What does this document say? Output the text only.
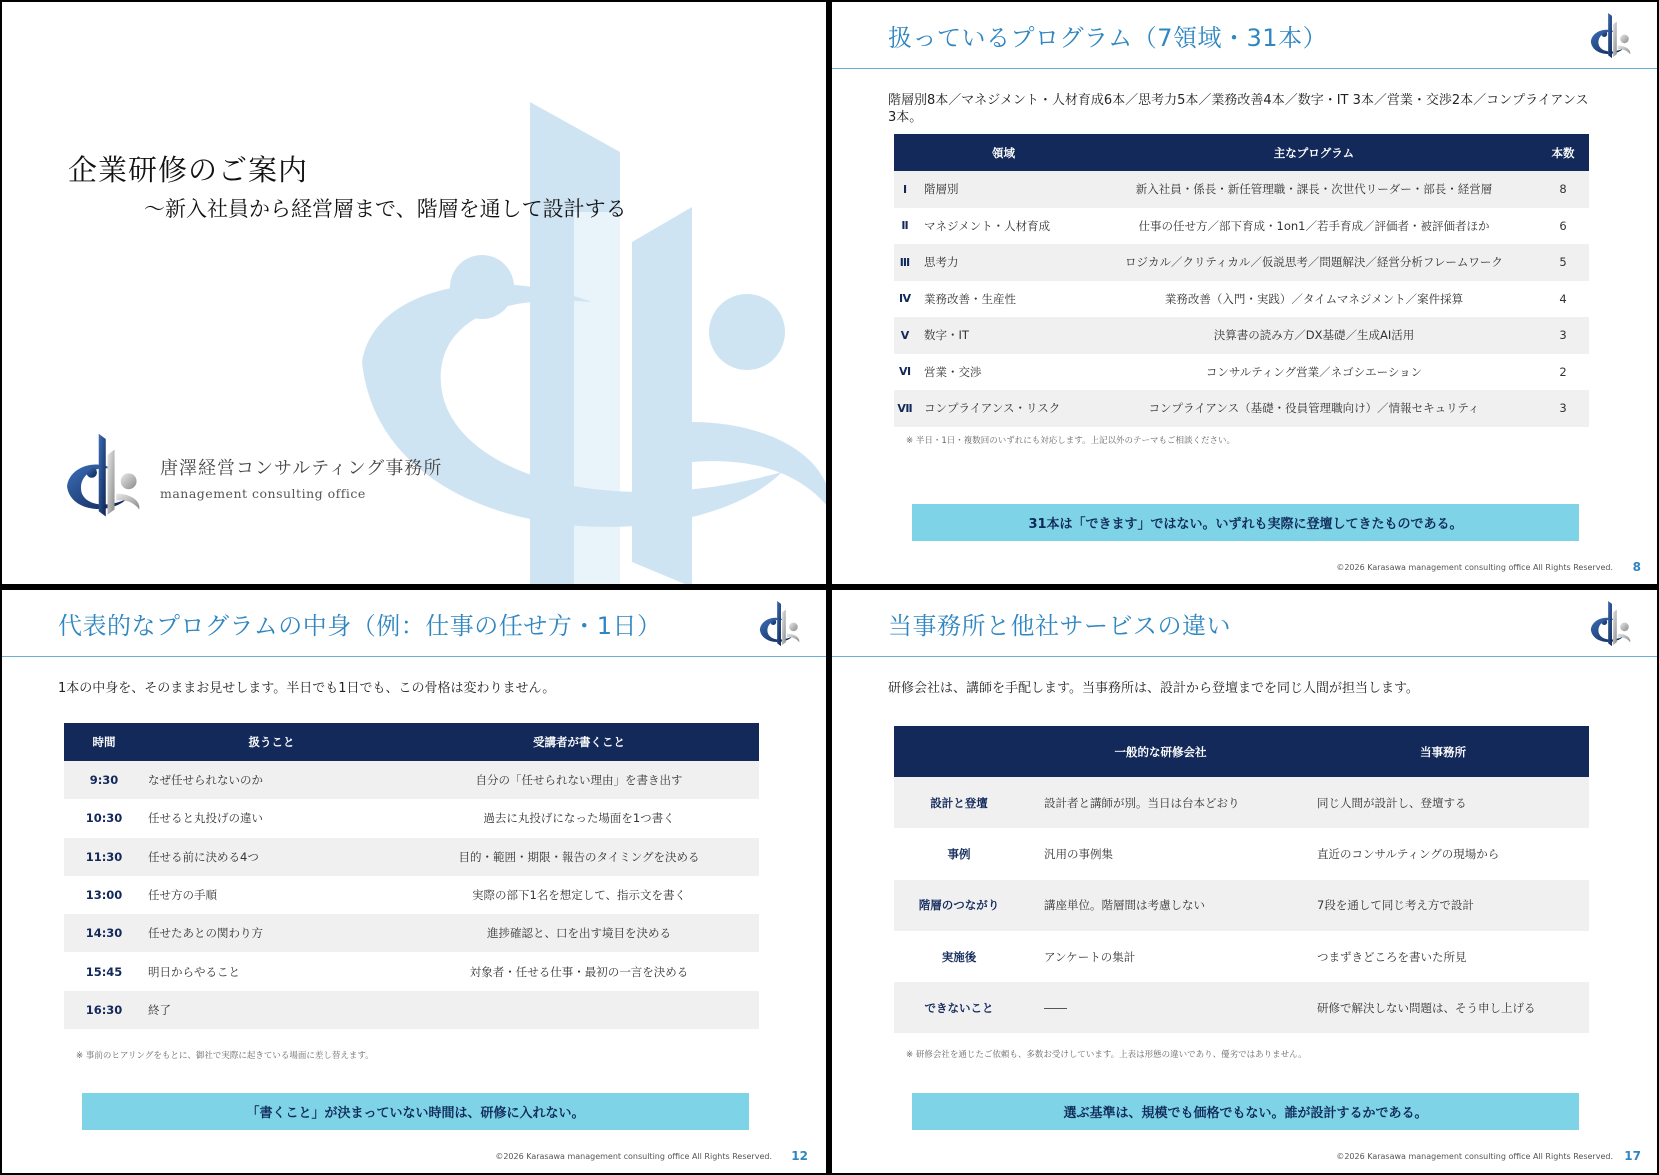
企業研修のご案内
～新入社員から経営層まで、階層を通して設計する
唐澤経営コンサルティング事務所
management consulting office
扱っているプログラム（7領域・31本）
階層別8本／マネジメント・人材育成6本／思考力5本／業務改善4本／数字・IT 3本／営業・交渉2本／コンプライアンス
3本。
	領域	主なプログラム	本数
Ⅰ	階層別	新入社員・係長・新任管理職・課長・次世代リーダー・部長・経営層	8
Ⅱ	マネジメント・人材育成	仕事の任せ方／部下育成・1on1／若手育成／評価者・被評価者ほか	6
Ⅲ	思考力	ロジカル／クリティカル／仮説思考／問題解決／経営分析フレームワーク	5
Ⅳ	業務改善・生産性	業務改善（入門・実践）／タイムマネジメント／案件採算	4
Ⅴ	数字・IT	決算書の読み方／DX基礎／生成AI活用	3
Ⅵ	営業・交渉	コンサルティング営業／ネゴシエーション	2
Ⅶ	コンプライアンス・リスク	コンプライアンス（基礎・役員管理職向け）／情報セキュリティ	3
※ 半日・1日・複数回のいずれにも対応します。上記以外のテーマもご相談ください。
31本は「できます」ではない。いずれも実際に登壇してきたものである。
©2026 Karasawa management consulting office All Rights Reserved. 8
代表的なプログラムの中身（例：仕事の任せ方・1日）
1本の中身を、そのままお見せします。半日でも1日でも、この骨格は変わりません。
時間	扱うこと	受講者が書くこと
9:30	なぜ任せられないのか	自分の「任せられない理由」を書き出す
10:30	任せると丸投げの違い	過去に丸投げになった場面を1つ書く
11:30	任せる前に決める4つ	目的・範囲・期限・報告のタイミングを決める
13:00	任せ方の手順	実際の部下1名を想定して、指示文を書く
14:30	任せたあとの関わり方	進捗確認と、口を出す境目を決める
15:45	明日からやること	対象者・任せる仕事・最初の一言を決める
16:30	終了	
※ 事前のヒアリングをもとに、御社で実際に起きている場面に差し替えます。
「書くこと」が決まっていない時間は、研修に入れない。
©2026 Karasawa management consulting office All Rights Reserved. 12
当事務所と他社サービスの違い
研修会社は、講師を手配します。当事務所は、設計から登壇までを同じ人間が担当します。
	一般的な研修会社	当事務所
設計と登壇	設計者と講師が別。当日は台本どおり	同じ人間が設計し、登壇する
事例	汎用の事例集	直近のコンサルティングの現場から
階層のつながり	講座単位。階層間は考慮しない	7段を通して同じ考え方で設計
実施後	アンケートの集計	つまずきどころを書いた所見
できないこと	――	研修で解決しない問題は、そう申し上げる
※ 研修会社を通じたご依頼も、多数お受けしています。上表は形態の違いであり、優劣ではありません。
選ぶ基準は、規模でも価格でもない。誰が設計するかである。
©2026 Karasawa management consulting office All Rights Reserved. 17
